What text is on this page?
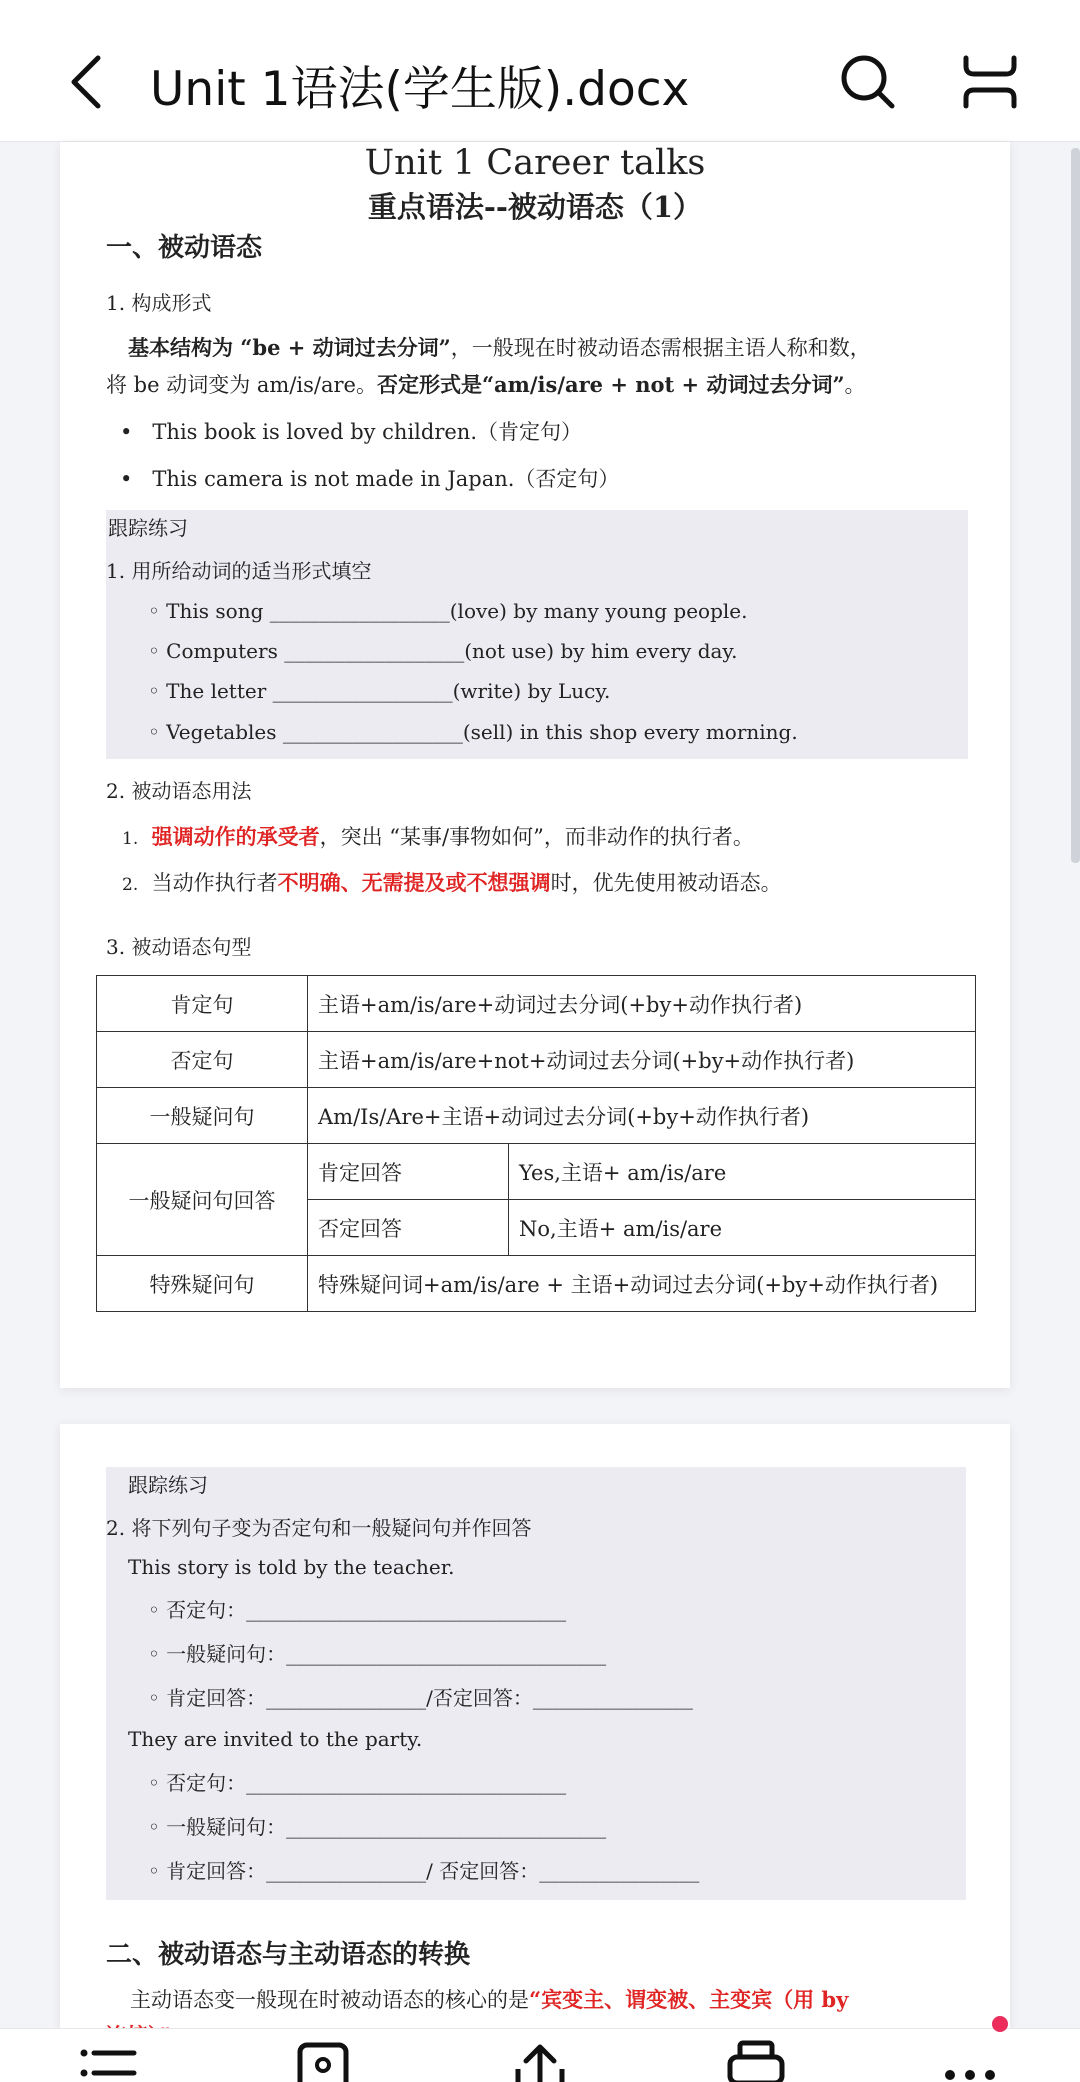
Unit 1语法(学生版).docx
Unit 1 Career talks
重点语法--被动语态（1）
一、被动语态
1. 构成形式
基本结构为 “be + 动词过去分词”，一般现在时被动语态需根据主语人称和数，
将 be 动词变为 am/is/are。否定形式是“am/is/are + not + 动词过去分词”。
•   This book is loved by children.（肯定句）
•   This camera is not made in Japan.（否定句）
跟踪练习
1. 用所给动词的适当形式填空
◦ This song __________________(love) by many young people.
◦ Computers __________________(not use) by him every day.
◦ The letter __________________(write) by Lucy.
◦ Vegetables __________________(sell) in this shop every morning.
2. 被动语态用法
1. 强调动作的承受者，突出 “某事/事物如何”，而非动作的执行者。
2. 当动作执行者不明确、无需提及或不想强调时，优先使用被动语态。
3. 被动语态句型
肯定句	主语+am/is/are+动词过去分词(+by+动作执行者)	
否定句	主语+am/is/are+not+动词过去分词(+by+动作执行者)	
一般疑问句	Am/Is/Are+主语+动词过去分词(+by+动作执行者)	
一般疑问句回答	肯定回答	Yes,主语+ am/is/are
	否定回答	No,主语+ am/is/are
特殊疑问句	特殊疑问词+am/is/are + 主语+动词过去分词(+by+动作执行者)	
跟踪练习
2. 将下列句子变为否定句和一般疑问句并作回答
This story is told by the teacher.
◦ 否定句：________________________________
◦ 一般疑问句：________________________________
◦ 肯定回答：________________/否定回答：________________
They are invited to the party.
◦ 否定句：________________________________
◦ 一般疑问句：________________________________
◦ 肯定回答：________________/ 否定回答：________________
二、被动语态与主动语态的转换
主动语态变一般现在时被动语态的核心的是“宾变主、谓变被、主变宾（用 by
